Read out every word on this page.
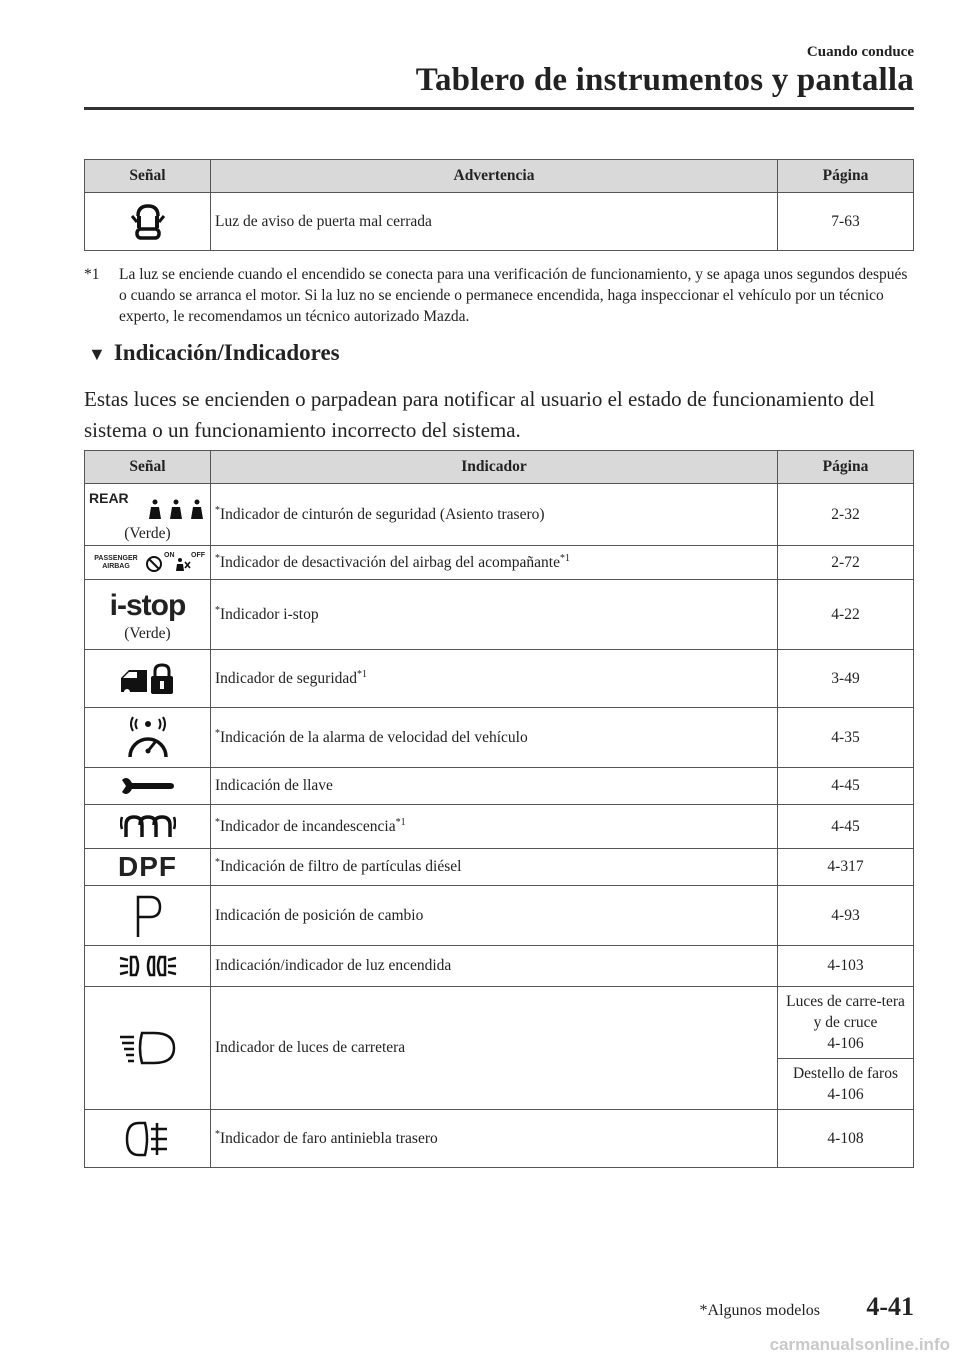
Cuando conduce
Tablero de instrumentos y pantalla
Señal	Advertencia	Página
	Luz de aviso de puerta mal cerrada	7-63
*1 La luz se enciende cuando el encendido se conecta para una verificación de funcionamiento, y se apaga unos segundos después o cuando se arranca el motor. Si la luz no se enciende o permanece encendida, haga inspeccionar el vehículo por un técnico experto, le recomendamos un técnico autorizado Mazda.
▼ Indicación/Indicadores
Estas luces se encienden o parpadean para notificar al usuario el estado de funcionamiento del sistema o un funcionamiento incorrecto del sistema.
Señal	Indicador	Página

REAR
(Verde)	*Indicador de cinturón de seguridad (Asiento trasero)	2-32

PASSENGER AIRBAG
ON OFF	*Indicador de desactivación del airbag del acompañante$^{*1}$	2-72

i-stop
(Verde)	*Indicador i-stop	4-22
	Indicador de seguridad$^{*1}$	3-49
	*Indicación de la alarma de velocidad del vehículo	4-35
	Indicación de llave	4-45
	*Indicador de incandescencia$^{*1}$	4-45
DPF	*Indicación de filtro de partículas diésel	4-317
	Indicación de posición de cambio	4-93
	Indicación/indicador de luz encendida	4-103
	Indicador de luces de carretera	Luces de carre-tera y de cruce
4-106
		Destello de faros
4-106
	*Indicador de faro antiniebla trasero	4-108
*Algunos modelos 4-41
carmanualsonline.info
